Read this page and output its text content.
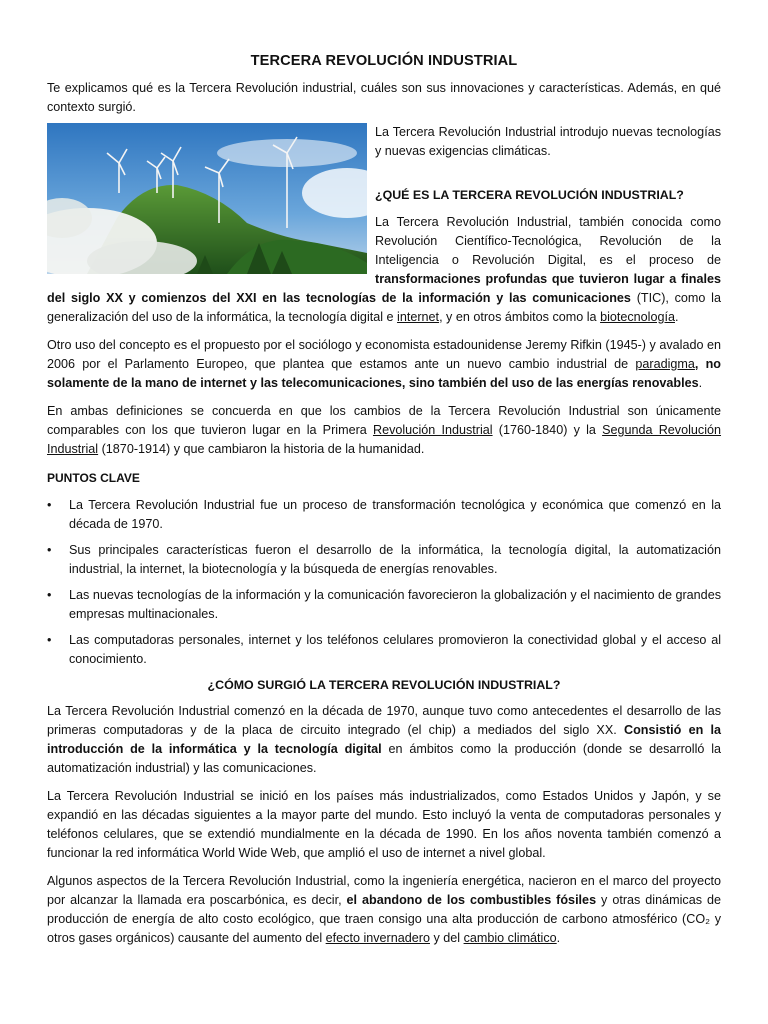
TERCERA REVOLUCIÓN INDUSTRIAL

Te explicamos qué es la Tercera Revolución industrial, cuáles son sus innovaciones y características. Además, en qué contexto surgió.

La Tercera Revolución Industrial introdujo nuevas tecnologías y nuevas exigencias climáticas.

¿QUÉ ES LA TERCERA REVOLUCIÓN INDUSTRIAL?

La Tercera Revolución Industrial, también conocida como Revolución Científico-Tecnológica, Revolución de la Inteligencia o Revolución Digital, es el proceso de transformaciones profundas que tuvieron lugar a finales del siglo XX y comienzos del XXI en las tecnologías de la información y las comunicaciones (TIC), como la generalización del uso de la informática, la tecnología digital e internet, y en otros ámbitos como la biotecnología.

Otro uso del concepto es el propuesto por el sociólogo y economista estadounidense Jeremy Rifkin (1945-) y avalado en 2006 por el Parlamento Europeo, que plantea que estamos ante un nuevo cambio industrial de paradigma, no solamente de la mano de internet y las telecomunicaciones, sino también del uso de las energías renovables.

En ambas definiciones se concuerda en que los cambios de la Tercera Revolución Industrial son únicamente comparables con los que tuvieron lugar en la Primera Revolución Industrial (1760-1840) y la Segunda Revolución Industrial (1870-1914) y que cambiaron la historia de la humanidad.

PUNTOS CLAVE
• La Tercera Revolución Industrial fue un proceso de transformación tecnológica y económica que comenzó en la década de 1970.
• Sus principales características fueron el desarrollo de la informática, la tecnología digital, la automatización industrial, la internet, la biotecnología y la búsqueda de energías renovables.
• Las nuevas tecnologías de la información y la comunicación favorecieron la globalización y el nacimiento de grandes empresas multinacionales.
• Las computadoras personales, internet y los teléfonos celulares promovieron la conectividad global y el acceso al conocimiento.
¿CÓMO SURGIÓ LA TERCERA REVOLUCIÓN INDUSTRIAL?

La Tercera Revolución Industrial comenzó en la década de 1970, aunque tuvo como antecedentes el desarrollo de las primeras computadoras y de la placa de circuito integrado (el chip) a mediados del siglo XX. Consistió en la introducción de la informática y la tecnología digital en ámbitos como la producción (donde se desarrolló la automatización industrial) y las comunicaciones.

La Tercera Revolución Industrial se inició en los países más industrializados, como Estados Unidos y Japón, y se expandió en las décadas siguientes a la mayor parte del mundo. Esto incluyó la venta de computadoras personales y teléfonos celulares, que se extendió mundialmente en la década de 1990. En los años noventa también comenzó a funcionar la red informática World Wide Web, que amplió el uso de internet a nivel global.

Algunos aspectos de la Tercera Revolución Industrial, como la ingeniería energética, nacieron en el marco del proyecto por alcanzar la llamada era poscarbónica, es decir, el abandono de los combustibles fósiles y otras dinámicas de producción de energía de alto costo ecológico, que traen consigo una alta producción de carbono atmosférico (CO₂ y otros gases orgánicos) causante del aumento del efecto invernadero y del cambio climático.
